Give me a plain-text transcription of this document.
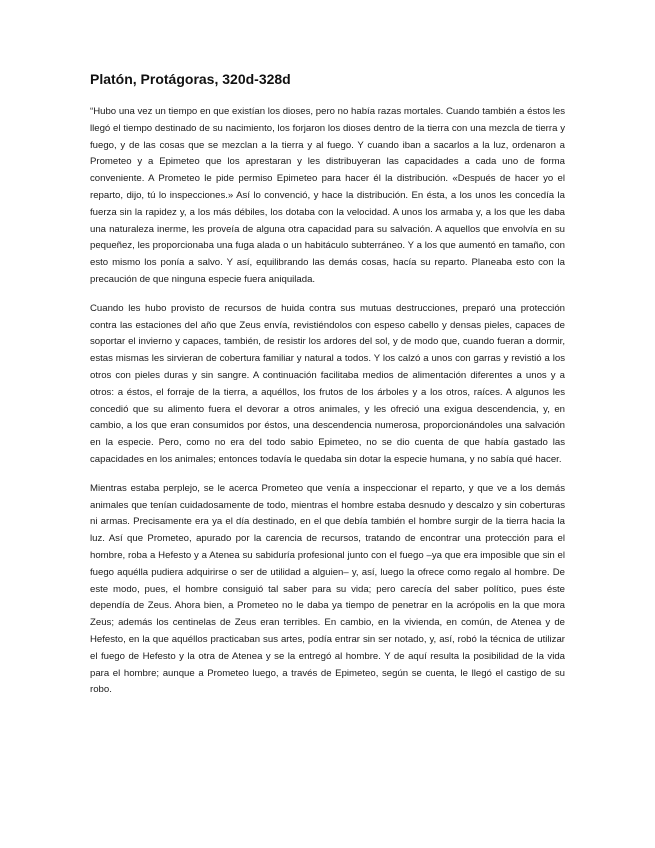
Platón, Protágoras, 320d-328d

“Hubo una vez un tiempo en que existían los dioses, pero no había razas mortales. Cuando también a éstos les llegó el tiempo destinado de su nacimiento, los forjaron los dioses dentro de la tierra con una mezcla de tierra y fuego, y de las cosas que se mezclan a la tierra y al fuego. Y cuando iban a sacarlos a la luz, ordenaron a Prometeo y a Epimeteo que los aprestaran y les distribuyeran las capacidades a cada uno de forma conveniente. A Prometeo le pide permiso Epimeteo para hacer él la distribución. «Después de hacer yo el reparto, dijo, tú lo inspecciones.» Así lo convenció, y hace la distribución. En ésta, a los unos les concedía la fuerza sin la rapidez y, a los más débiles, los dotaba con la velocidad. A unos los armaba y, a los que les daba una naturaleza inerme, les proveía de alguna otra capacidad para su salvación. A aquellos que envolvía en su pequeñez, les proporcionaba una fuga alada o un habitáculo subterráneo. Y a los que aumentó en tamaño, con esto mismo los ponía a salvo. Y así, equilibrando las demás cosas, hacía su reparto. Planeaba esto con la precaución de que ninguna especie fuera aniquilada.

Cuando les hubo provisto de recursos de huida contra sus mutuas destrucciones, preparó una protección contra las estaciones del año que Zeus envía, revistiéndolos con espeso cabello y densas pieles, capaces de soportar el invierno y capaces, también, de resistir los ardores del sol, y de modo que, cuando fueran a dormir, estas mismas les sirvieran de cobertura familiar y natural a todos. Y los calzó a unos con garras y revistió a los otros con pieles duras y sin sangre. A continuación facilitaba medios de alimentación diferentes a unos y a otros: a éstos, el forraje de la tierra, a aquéllos, los frutos de los árboles y a los otros, raíces. A algunos les concedió que su alimento fuera el devorar a otros animales, y les ofreció una exigua descendencia, y, en cambio, a los que eran consumidos por éstos, una descendencia numerosa, proporcionándoles una salvación en la especie. Pero, como no era del todo sabio Epimeteo, no se dio cuenta de que había gastado las capacidades en los animales; entonces todavía le quedaba sin dotar la especie humana, y no sabía qué hacer.

Mientras estaba perplejo, se le acerca Prometeo que venía a inspeccionar el reparto, y que ve a los demás animales que tenían cuidadosamente de todo, mientras el hombre estaba desnudo y descalzo y sin coberturas ni armas. Precisamente era ya el día destinado, en el que debía también el hombre surgir de la tierra hacia la luz. Así que Prometeo, apurado por la carencia de recursos, tratando de encontrar una protección para el hombre, roba a Hefesto y a Atenea su sabiduría profesional junto con el fuego –ya que era imposible que sin el fuego aquélla pudiera adquirirse o ser de utilidad a alguien– y, así, luego la ofrece como regalo al hombre. De este modo, pues, el hombre consiguió tal saber para su vida; pero carecía del saber político, pues éste dependía de Zeus. Ahora bien, a Prometeo no le daba ya tiempo de penetrar en la acrópolis en la que mora Zeus; además los centinelas de Zeus eran terribles. En cambio, en la vivienda, en común, de Atenea y de Hefesto, en la que aquéllos practicaban sus artes, podía entrar sin ser notado, y, así, robó la técnica de utilizar el fuego de Hefesto y la otra de Atenea y se la entregó al hombre. Y de aquí resulta la posibilidad de la vida para el hombre; aunque a Prometeo luego, a través de Epimeteo, según se cuenta, le llegó el castigo de su robo.
